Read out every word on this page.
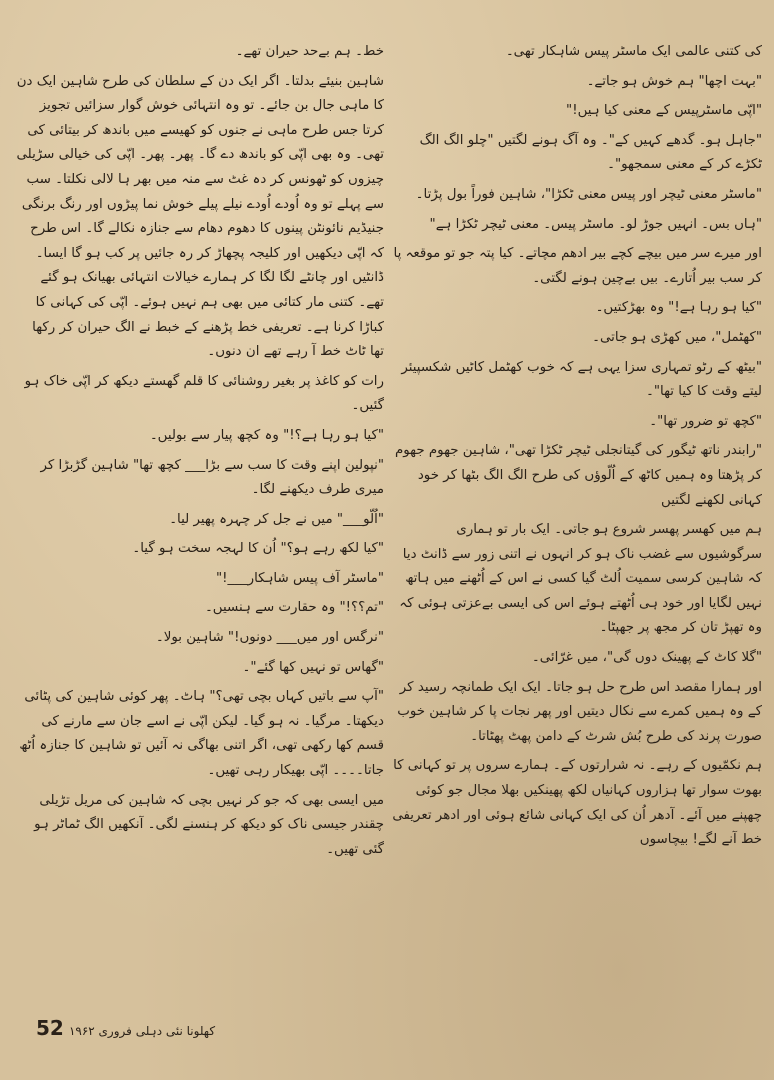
کی کتنی عالمی ایک ماسٹر پیس شاہکار تھی۔

"بہت اچھا" ہم خوش ہو جاتے۔

"اپّی ماسٹرپیس کے معنی کیا ہیں!"

"جاہل ہو۔ گدھے کہیں کے"۔ وہ آگ ہونے لگتیں "چلو الگ الگ ٹکڑے کر کے معنی سمجھو"۔

"ماسٹر معنی ٹیچر اور پیس معنی ٹکڑا"، شاہین فوراً بول پڑتا۔

"ہاں بس۔ انہیں جوڑ لو۔ ماسٹر پیس۔ معنی ٹیچر ٹکڑا ہے"

اور میرے سر میں بیچے کچے بیر ادھم مچاتے۔ کیا پتہ جو تو موقعہ پا کر سب بیر اُتارے۔ بیں بےچین ہونے لگتی۔

"کیا ہو رہا ہے!" وہ بھڑکتیں۔

"کھٹمل"، میں کھڑی ہو جاتی۔

"بیٹھ کے رٹو تمہاری سزا یہی ہے کہ خوب کھٹمل کاٹیں شکسپیئر لیتے وقت کا کیا تھا"۔

"کچھ تو ضرور تھا"۔

"رابندر ناتھ ٹیگور کی گیتانجلی ٹیچر ٹکڑا تھی"، شاہین جھوم جھوم کر پڑھتا وہ ہمیں کاٹھ کے اُلّوؤں کی طرح الگ الگ بٹھا کر خود کہانی لکھنے لگتیں

ہم میں کھسر پھسر شروع ہو جاتی۔ ایک بار تو ہماری سرگوشیوں سے غضب ناک ہو کر انہوں نے اتنی زور سے ڈانٹ دیا کہ شاہین کرسی سمیت اُلٹ گیا کسی نے اس کے اُٹھنے میں ہاتھ نہیں لگایا اور خود ہی اُٹھتے ہوئے اس کی ایسی بےعزتی ہوئی کہ وہ تھپڑ تان کر مجھ پر جھپٹا۔

"گلا کاٹ کے پھینک دوں گی"، میں غرّائی۔

اور ہمارا مقصد اس طرح حل ہو جاتا۔ ایک ایک طمانچہ رسید کر کے وہ ہمیں کمرے سے نکال دیتیں اور پھر نجات پا کر شاہین خوب صورت پرند کی طرح بُش شرٹ کے دامن پھٹ پھٹاتا۔

ہم نکمّیوں کے رہے۔ نہ شرارتوں کے۔ ہمارے سروں پر تو کہانی کا بھوت سوار تھا ہزاروں کہانیاں لکھ پھینکیں بھلا مجال جو کوئی چھپنے میں آئے۔ آدھر اُن کی ایک کہانی شائع ہوئی اور ادھر تعریفی خط آنے لگے! بیچاسوں

خط۔ ہم بےحد حیران تھے۔

شاہین بنیئے بدلتا۔ اگر ایک دن کے سلطان کی طرح شاہین ایک دن کا ماہی جال بن جائے۔ تو وہ انتہائی خوش گوار سزائیں تجویز کرتا جس طرح ماہی نے جنوں کو کھیسے میں باندھ کر بیتائی کی تھی۔ وہ بھی اپّی کو باندھ دے گا۔ پھر۔ پھر۔ اپّی کی خیالی سڑیلی چیزوں کو ٹھونس کر دہ غٹ سے منہ میں بھر ہا لالی نکلتا۔ سب سے پہلے تو وہ اُودے اُودے نیلے پیلے خوش نما پیڑوں اور رنگ برنگی جنیڈیم نائونٹن پینوں کا دھوم دھام سے جنازہ نکالے گا۔ اس طرح کہ اپّی دیکھیں اور کلیجہ پچھاڑ کر رہ جائیں پر کب ہو گا ایسا۔ ڈانٹیں اور چانٹے لگا لگا کر ہمارے خیالات انتہائی بھیانک ہو گئے تھے۔ کتنی مار کتائی میں بھی ہم نہیں ہوئے۔ اپّی کی کہانی کا کباڑا کرنا ہے۔ تعریفی خط پڑھنے کے خبط نے الگ حیران کر رکھا تھا ٹاٹ خط آ رہے تھے ان دنوں۔

رات کو کاغذ پر بغیر روشنائی کا قلم گھستے دیکھ کر اپّی خاک ہو گئیں۔

"کیا ہو رہا ہے؟!" وہ کچھ پیار سے بولیں۔

"نپولین اپنے وقت کا سب سے بڑا___ کچھ تھا" شاہین گڑبڑا کر میری طرف دیکھنے لگا۔

"اُلّو___" میں نے جل کر چہرہ پھیر لیا۔

"کیا لکھ رہے ہو؟" اُن کا لہجہ سخت ہو گیا۔

"ماسٹر آف پیس شاہکار___!"

"تم؟؟!" وہ حقارت سے ہنسیں۔

"نرگس اور میں___ دونوں!" شاہین بولا۔

"گھاس تو نہیں کھا گئے"۔

"آپ سے باتیں کہاں بچی تھی؟" ہاٹ۔ پھر کوئی شاہین کی پٹائی دیکھتا۔ مرگیا۔ نہ ہو گیا۔ لیکن اپّی نے اسے جان سے مارنے کی قسم کھا رکھی تھی، اگر اتنی بھاگی نہ آئیں تو شاہین کا جنازہ اُٹھ جاتا۔۔۔۔ اپّی بھیکار رہی تھیں۔

میں ایسی بھی کہ جو کر نہیں بچی کہ شاہین کی مریل تڑیلی چقندر جیسی ناک کو دیکھ کر ہنسنے لگی۔ آنکھیں الگ ٹماٹر ہو گئی تھیں۔

کھلونا نئی دہلی فروری ۱۹۶۲ 52
